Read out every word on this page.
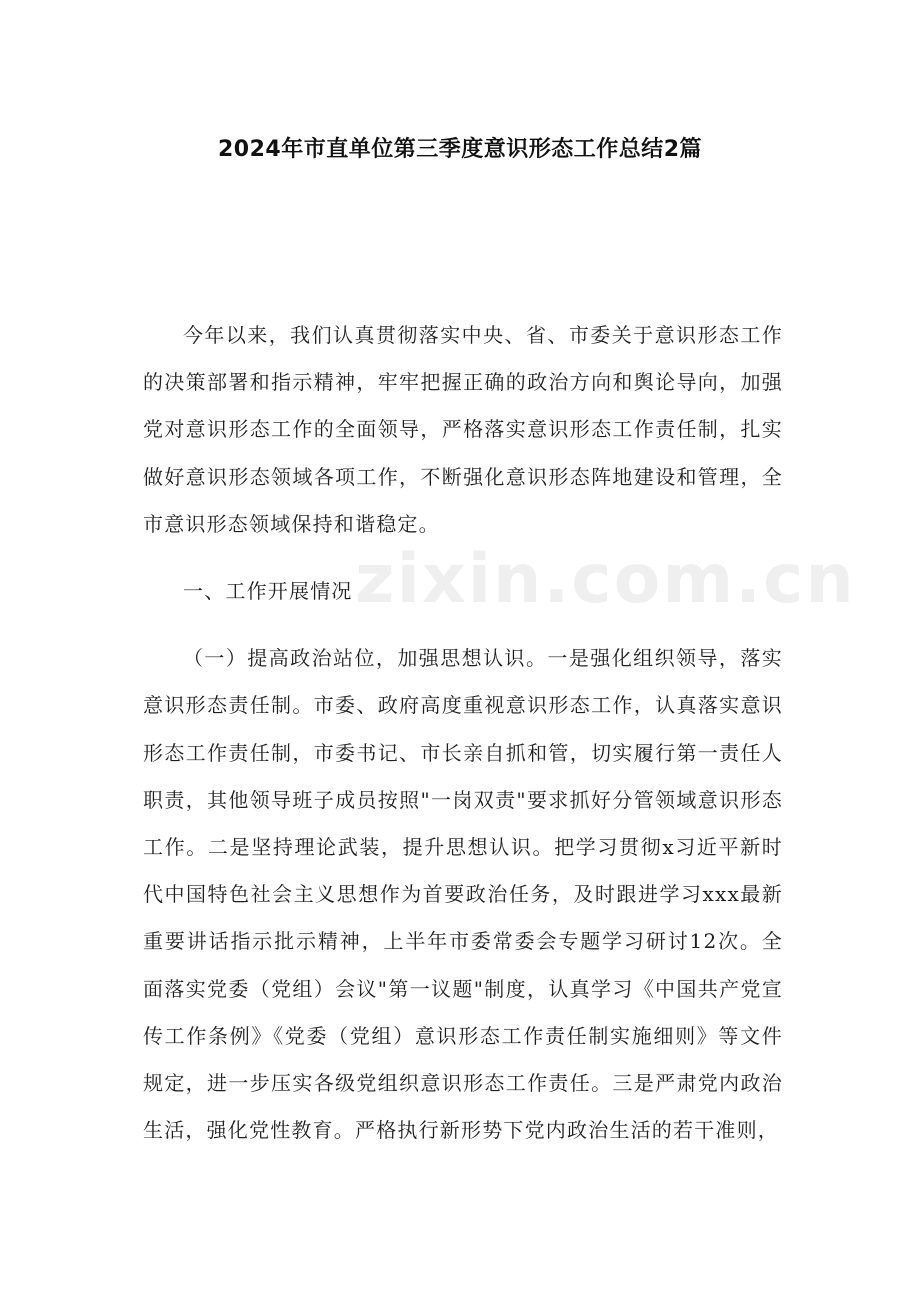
2024年市直单位第三季度意识形态工作总结2篇

今年以来，我们认真贯彻落实中央、省、市委关于意识形态工作的决策部署和指示精神，牢牢把握正确的政治方向和舆论导向，加强党对意识形态工作的全面领导，严格落实意识形态工作责任制，扎实做好意识形态领域各项工作，不断强化意识形态阵地建设和管理，全市意识形态领域保持和谐稳定。

一、工作开展情况

（一）提高政治站位，加强思想认识。一是强化组织领导，落实意识形态责任制。市委、政府高度重视意识形态工作，认真落实意识形态工作责任制，市委书记、市长亲自抓和管，切实履行第一责任人职责，其他领导班子成员按照"一岗双责"要求抓好分管领域意识形态工作。二是坚持理论武装，提升思想认识。把学习贯彻x习近平新时代中国特色社会主义思想作为首要政治任务，及时跟进学习xxx最新重要讲话指示批示精神，上半年市委常委会专题学习研讨12次。全面落实党委（党组）会议"第一议题"制度，认真学习《中国共产党宣传工作条例》《党委（党组）意识形态工作责任制实施细则》等文件规定，进一步压实各级党组织意识形态工作责任。三是严肃党内政治生活，强化党性教育。严格执行新形势下党内政治生活的若干准则，

zixin.com.cn
